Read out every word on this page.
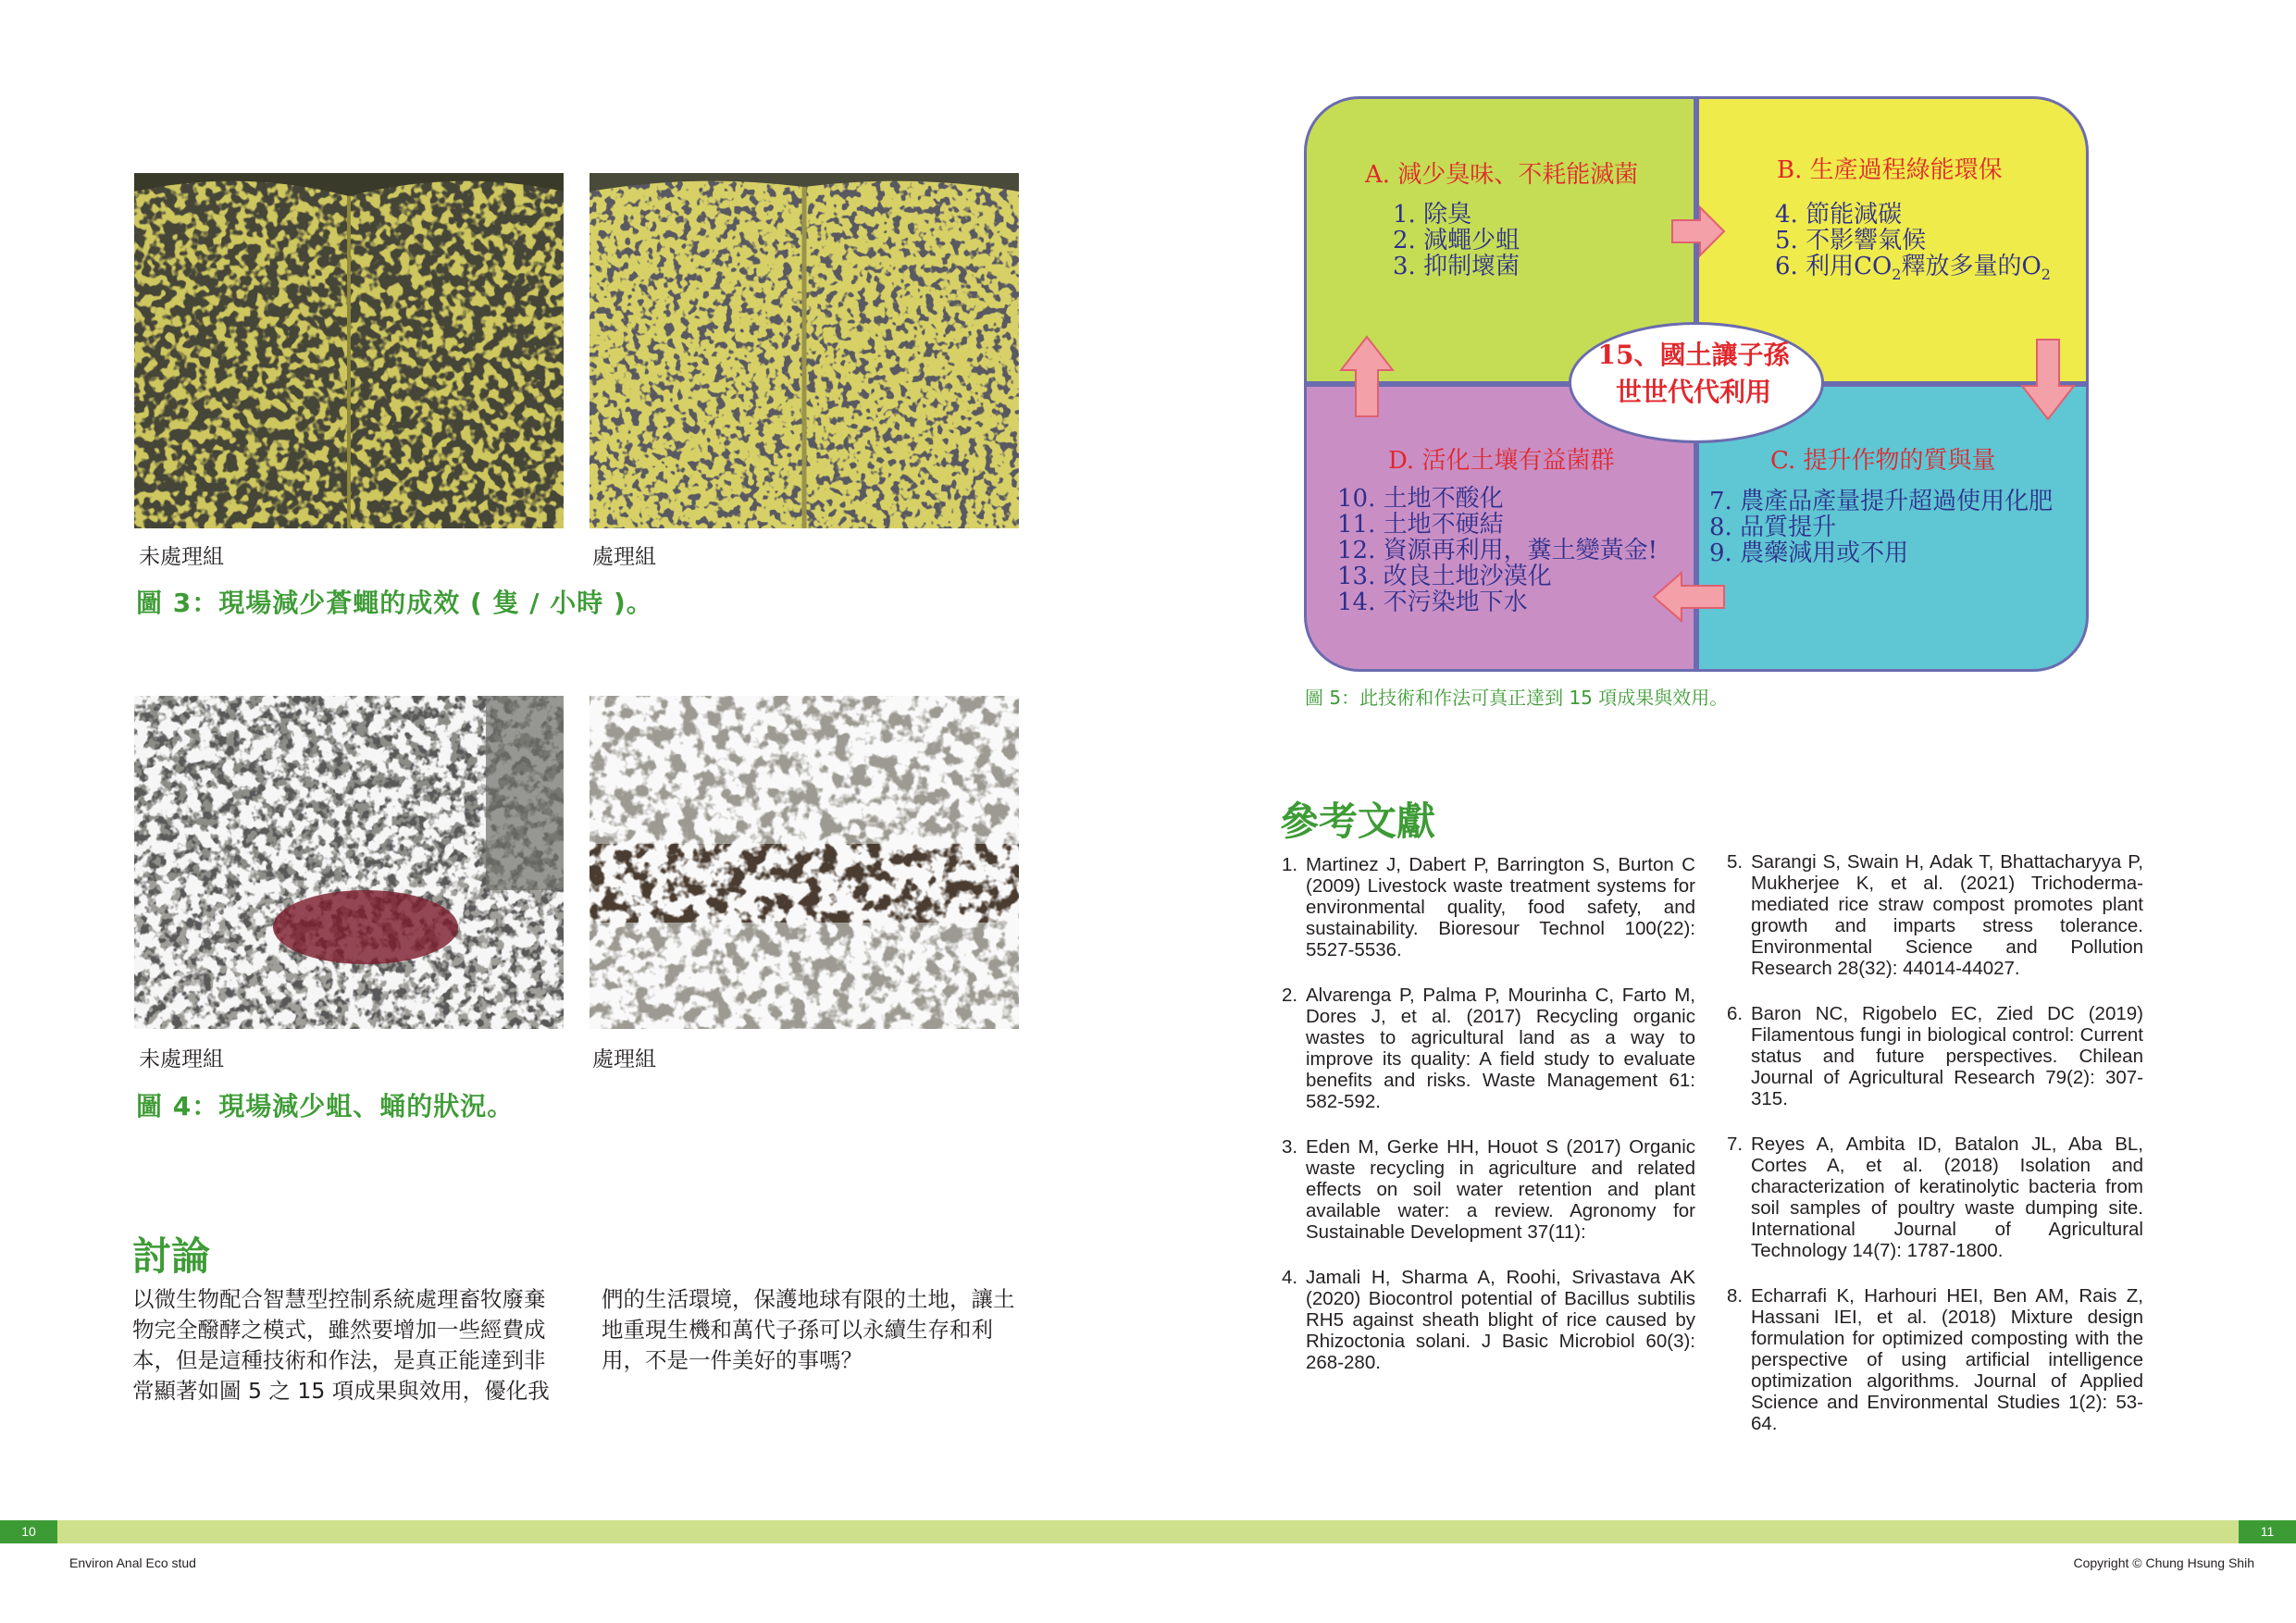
未處理組	處理組
圖 3：現場減少蒼蠅的成效 ( 隻 / 小時 )。
未處理組	處理組
圖 4：現場減少蛆、蛹的狀況。
討論
以微生物配合智慧型控制系統處理畜牧廢棄
物完全醱酵之模式，雖然要增加一些經費成
本，但是這種技術和作法，是真正能達到非
常顯著如圖 5 之 15 項成果與效用，優化我
們的生活環境，保護地球有限的土地，讓土
地重現生機和萬代子孫可以永續生存和利
用，不是一件美好的事嗎？
15、國土讓子孫
世世代代利用
A. 減少臭味、不耗能滅菌
1. 除臭
2. 減蠅少蛆
3. 抑制壞菌
B. 生產過程綠能環保
4. 節能減碳
5. 不影響氣候
6. 利用$CO_2$釋放多量的$O_2$
D. 活化土壤有益菌群
10. 土地不酸化
11. 土地不硬結
12. 資源再利用，糞土變黃金!
13. 改良土地沙漠化
14. 不污染地下水
C. 提升作物的質與量
7. 農產品產量提升超過使用化肥
8. 品質提升
9. 農藥減用或不用
圖 5：此技術和作法可真正達到 15 項成果與效用。
參考文獻
1. Martinez J, Dabert P, Barrington S, Burton C (2009) Livestock waste treatment systems for environmental quality, food safety, and sustainability. Bioresour Technol 100(22): 5527-5536.
2. Alvarenga P, Palma P, Mourinha C, Farto M, Dores J, et al. (2017) Recycling organic wastes to agricultural land as a way to improve its quality: A field study to evaluate benefits and risks. Waste Management 61: 582-592.
3. Eden M, Gerke HH, Houot S (2017) Organic waste recycling in agriculture and related effects on soil water retention and plant available water: a review. Agronomy for Sustainable Development 37(11):
4. Jamali H, Sharma A, Roohi, Srivastava AK (2020) Biocontrol potential of Bacillus subtilis RH5 against sheath blight of rice caused by Rhizoctonia solani. J Basic Microbiol 60(3): 268-280.
5. Sarangi S, Swain H, Adak T, Bhattacharyya P, Mukherjee K, et al. (2021) Trichoderma-mediated rice straw compost promotes plant growth and imparts stress tolerance. Environmental Science and Pollution Research 28(32): 44014-44027.
6. Baron NC, Rigobelo EC, Zied DC (2019) Filamentous fungi in biological control: Current status and future perspectives. Chilean Journal of Agricultural Research 79(2): 307-315.
7. Reyes A, Ambita ID, Batalon JL, Aba BL, Cortes A, et al. (2018) Isolation and characterization of keratinolytic bacteria from soil samples of poultry waste dumping site. International Journal of Agricultural Technology 14(7): 1787-1800.
8. Echarrafi K, Harhouri HEI, Ben AM, Rais Z, Hassani IEI, et al. (2018) Mixture design formulation for optimized composting with the perspective of using artificial intelligence optimization algorithms. Journal of Applied Science and Environmental Studies 1(2): 53-64.
10	11
Environ Anal Eco stud	Copyright © Chung Hsung Shih
